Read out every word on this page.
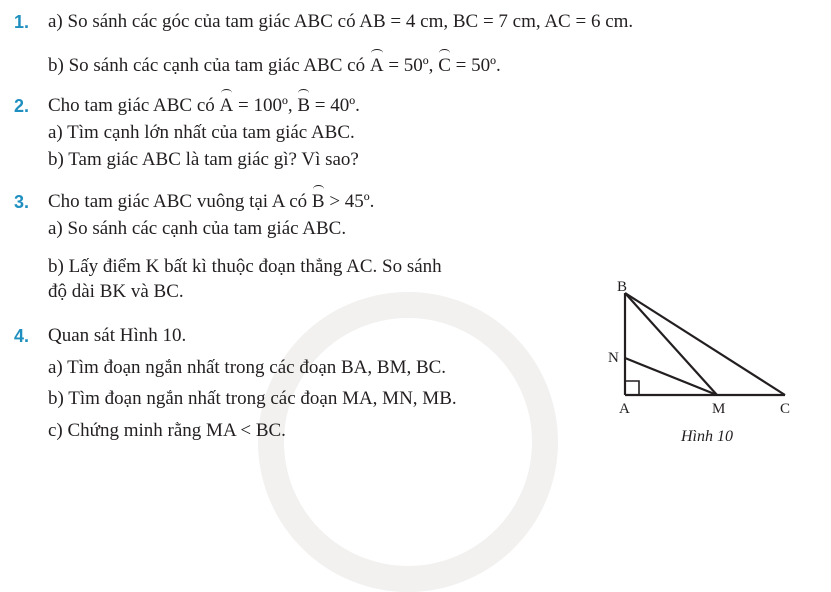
1. a) So sánh các góc của tam giác ABC có AB = 4 cm, BC = 7 cm, AC = 6 cm.
b) So sánh các cạnh của tam giác ABC có A = 50º, C = 50º.
2. Cho tam giác ABC có A = 100º, B = 40º.
a) Tìm cạnh lớn nhất của tam giác ABC.
b) Tam giác ABC là tam giác gì? Vì sao?
3. Cho tam giác ABC vuông tại A có B > 45º.
a) So sánh các cạnh của tam giác ABC.
b) Lấy điểm K bất kì thuộc đoạn thẳng AC. So sánh
độ dài BK và BC.
4. Quan sát Hình 10.
a) Tìm đoạn ngắn nhất trong các đoạn BA, BM, BC.
b) Tìm đoạn ngắn nhất trong các đoạn MA, MN, MB.
c) Chứng minh rằng MA < BC.
B
N
A	M	C
Hình 10
